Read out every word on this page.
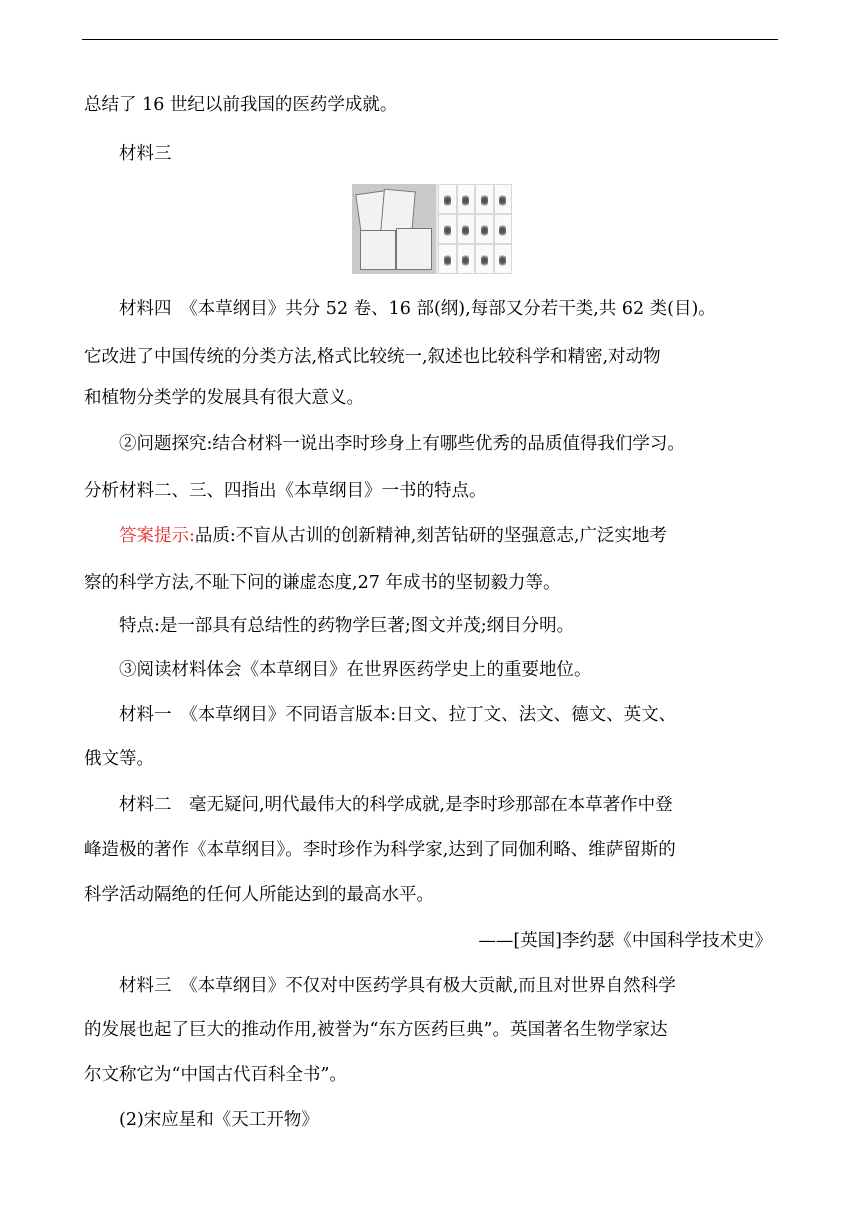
总结了 16 世纪以前我国的医药学成就。
材料三
材料四　《本草纲目》共分 52 卷、16 部(纲),每部又分若干类,共 62 类(目)。
它改进了中国传统的分类方法,格式比较统一,叙述也比较科学和精密,对动物
和植物分类学的发展具有很大意义。
②问题探究:结合材料一说出李时珍身上有哪些优秀的品质值得我们学习。
分析材料二、三、四指出《本草纲目》一书的特点。
答案提示:品质:不盲从古训的创新精神,刻苦钻研的坚强意志,广泛实地考
察的科学方法,不耻下问的谦虚态度,27 年成书的坚韧毅力等。
特点:是一部具有总结性的药物学巨著;图文并茂;纲目分明。
③阅读材料体会《本草纲目》在世界医药学史上的重要地位。
材料一　《本草纲目》不同语言版本:日文、拉丁文、法文、德文、英文、
俄文等。
材料二　毫无疑问,明代最伟大的科学成就,是李时珍那部在本草著作中登
峰造极的著作《本草纲目》。李时珍作为科学家,达到了同伽利略、维萨留斯的
科学活动隔绝的任何人所能达到的最高水平。
——[英国]李约瑟《中国科学技术史》
材料三　《本草纲目》不仅对中医药学具有极大贡献,而且对世界自然科学
的发展也起了巨大的推动作用,被誉为“东方医药巨典”。英国著名生物学家达
尔文称它为“中国古代百科全书”。
(2)宋应星和《天工开物》
